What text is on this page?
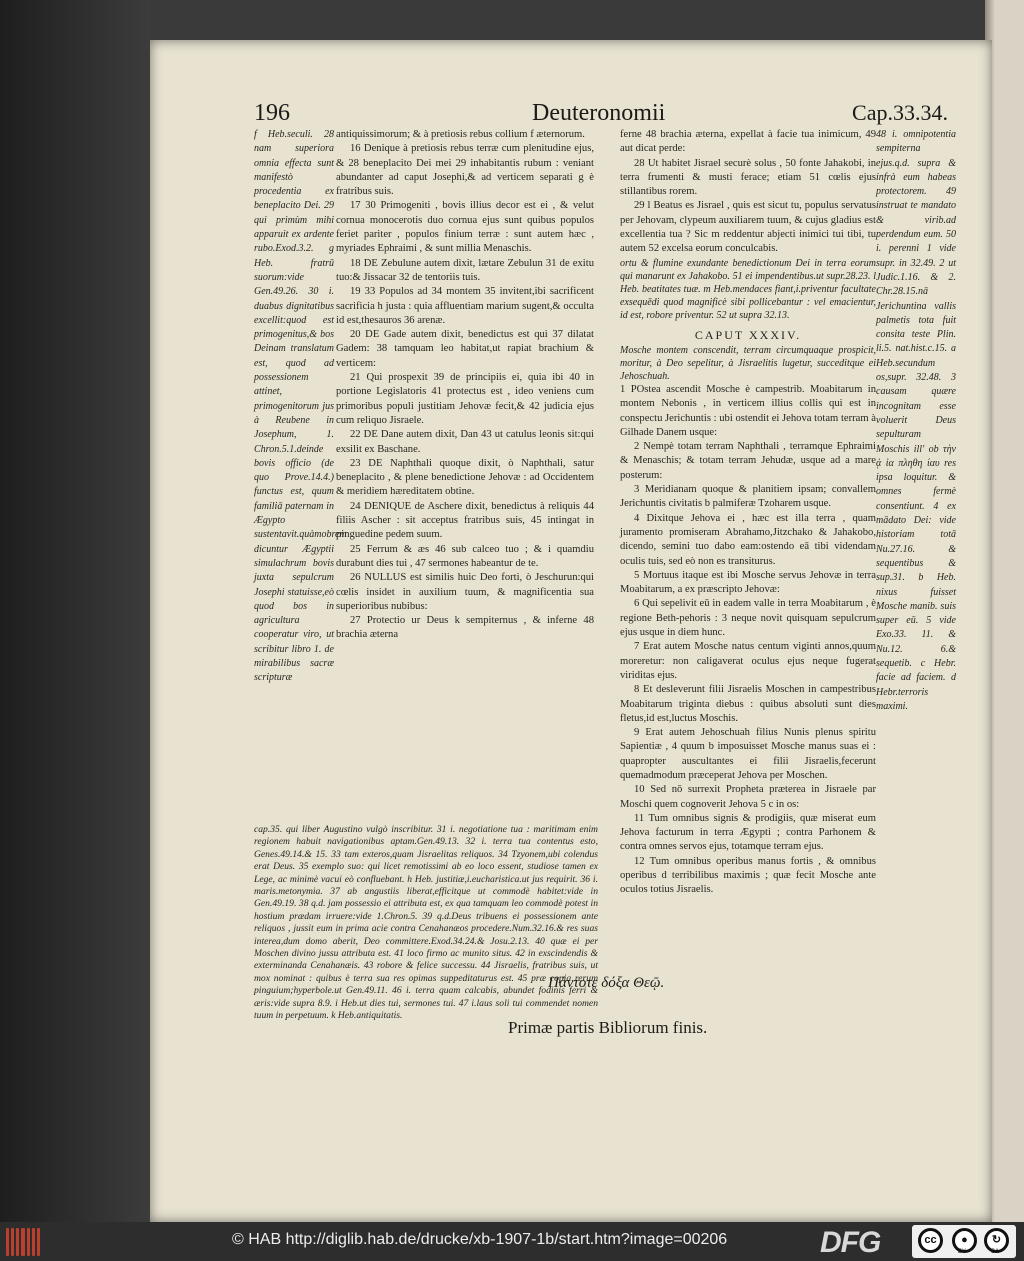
196	Deuteronomii	Cap.33.34.
f Heb.seculi. 28 nam superiora omnia effecta sunt manifestò procedentia ex beneplacito Dei. 29 qui primùm mihi apparuit ex ardente rubo.Exod.3.2. g Heb. fratrū suorum:vide Gen.49.26. 30 i. duabus dignitatibus excellit:quod est primogenitus,& bos Deinam translatum est, quod ad possessionem attinet, primogenitorum jus à Reubene in Josephum, 1. Chron.5.1.deinde bovis officio (de quo Prove.14.4.) functus est, quum familiā paternam in Ægypto sustentavit.quàmobrem dicuntur Ægyptii simulachrum bovis juxta sepulcrum Josephi statuisse,eò quod bos in agricultura cooperatur viro, ut scribitur libro 1. de mirabilibus sacræ scripturæ

antiquissimorum; & à pretiosis rebus collium f æternorum.

16 Denique à pretiosis rebus terræ cum plenitudine ejus, & 28 beneplacito Dei mei 29 inhabitantis rubum : veniant abundanter ad caput Josephi,& ad verticem separati g è fratribus suis.

17 30 Primogeniti , bovis illius decor est ei , & velut cornua monocerotis duo cornua ejus sunt quibus populos feriet pariter , populos finium terræ : sunt autem hæc , myriades Ephraimi , & sunt millia Menaschis.

18 DE Zebulune autem dixit, lætare Zebulun 31 de exitu tuo:& Jissacar 32 de tentoriis tuis.

19 33 Populos ad 34 montem 35 invitent,ibi sacrificent sacrificia h justa : quia affluentiam marium sugent,& occulta id est,thesauros 36 arenæ.

20 DE Gade autem dixit, benedictus est qui 37 dilatat Gadem: 38 tamquam leo habitat,ut rapiat brachium & verticem:

21 Qui prospexit 39 de principiis ei, quia ibi 40 in portione Legislatoris 41 protectus est , ideo veniens cum primoribus populi justitiam Jehovæ fecit,& 42 judicia ejus cum reliquo Jisraele.

22 DE Dane autem dixit, Dan 43 ut catulus leonis sit:qui exsilit ex Baschane.

23 DE Naphthali quoque dixit, ò Naphthali, satur beneplacito , & plene benedictione Jehovæ : ad Occidentem & meridiem hæreditatem obtine.

24 DENIQUE de Aschere dixit, benedictus à reliquis 44 filiis Ascher : sit acceptus fratribus suis, 45 intingat in pinguedine pedem suum.

25 Ferrum & æs 46 sub calceo tuo ; & i quamdiu durabunt dies tui , 47 sermones habeantur de te.

26 NULLUS est similis huic Deo forti, ò Jeschurun:qui cœlis insidet in auxilium tuum, & magnificentia sua superioribus nubibus:

27 Protectio ur Deus k sempiternus , & inferne 48 brachia æterna

cap.35. qui liber Augustino vulgò inscribitur. 31 i. negotiatione tua : maritimam enim regionem habuit navigationibus aptam.Gen.49.13. 32 i. terra tua contentus esto, Genes.49.14.& 15. 33 tam exteros,quam Jisraelitas reliquos. 34 Tzyonem,ubi colendus erat Deus. 35 exemplo suo: qui licet remotissimi ab eo loco essent, studiose tamen ex Lege, ac minimè vacui eò confluebant. h Heb. justitiæ,i.eucharistica.ut jus requirit. 36 i. maris.metonymia. 37 ab angustiis liberat,efficitque ut commodè habitet:vide in Gen.49.19. 38 q.d. jam possessio ei attributa est, ex qua tamquam leo commodè potest in hostium prædam irruere:vide 1.Chron.5. 39 q.d.Deus tribuens ei possessionem ante reliquos , jussit eum in prima acie contra Cenahanæos procedere.Num.32.16.& res suas interea,dum domo aberit, Deo committere.Exod.34.24.& Josu.2.13. 40 quæ ei per Moschen divino jussu attributa est. 41 loco firmo ac munito situs. 42 in exscindendis & exterminanda Cenahanæis. 43 robore & felice successu. 44 Jisraelis, fratribus suis, ut mox nominat : quibus è terra sua res opimas suppeditaturus est. 45 præ copia rerum pinguium;hyperbole.ut Gen.49.11. 46 i. terra quam calcabis, abundet fodinis ferri & æris:vide supra 8.9. i Heb.ut dies tui, sermones tui. 47 i.laus soli tui commendet nomen tuum in perpetuum. k Heb.antiquitatis.

ferne 48 brachia æterna, expellat à facie tua inimicum, 49 aut dicat perde:

28 Ut habitet Jisrael securè solus , 50 fonte Jahakobi, in terra frumenti & musti ferace; etiam 51 cœlis ejus stillantibus rorem.

29 l Beatus es Jisrael , quis est sicut tu, populus servatus per Jehovam, clypeum auxiliarem tuum, & cujus gladius est excellentia tua ? Sic m reddentur abjecti inimici tui tibi, tu autem 52 excelsa eorum conculcabis.

ortu & flumine exundante benedictionum Dei in terra eorum qui manarunt ex Jahakobo. 51 ei impendentibus.ut supr.28.23. l Heb. beatitates tuæ. m Heb.mendaces fiant,i.priventur facultate exsequēdi quod magnificè sibi pollicebantur : vel emacientur, id est, robore priventur. 52 ut supra 32.13.

CAPUT XXXIV.

Mosche montem conscendit, terram circumquaque prospicit, moritur, à Deo sepelitur, à Jisraelitis lugetur, succeditque ei Jehoschuah.

1 POstea ascendit Mosche è campestrib. Moabitarum in montem Nebonis , in verticem illius collis qui est in conspectu Jerichuntis : ubi ostendit ei Jehova totam terram à Gilhade Danem usque:

2 Nempè totam terram Naphthali , terramque Ephraimi & Menaschis; & totam terram Jehudæ, usque ad a mare posterum:

3 Meridianam quoque & planitiem ipsam; convallem Jerichuntis civitatis b palmiferæ Tzoharem usque.

4 Dixitque Jehova ei , hæc est illa terra , quam juramento promiseram Abrahamo,Jitzchako & Jahakobo, dicendo, semini tuo dabo eam:ostendo eā tibi videndam oculis tuis, sed eò non es transiturus.

5 Mortuus itaque est ibi Mosche servus Jehovæ in terra Moabitarum, a ex præscripto Jehovæ:

6 Qui sepelivit eū in eadem valle in terra Moabitarum , è regione Beth-pehoris : 3 neque novit quisquam sepulcrum ejus usque in diem hunc.

7 Erat autem Mosche natus centum viginti annos,quum moreretur: non caligaverat oculus ejus neque fugerat viriditas ejus.

8 Et desleverunt filii Jisraelis Moschen in campestribus Moabitarum triginta diebus : quibus absoluti sunt dies fletus,id est,luctus Moschis.

9 Erat autem Jehoschuah filius Nunis plenus spiritu Sapientiæ , 4 quum b imposuisset Mosche manus suas ei : quapropter auscultantes ei filii Jisraelis,fecerunt quemadmodum præceperat Jehova per Moschen.

10 Sed nō surrexit Propheta præterea in Jisraele par Moschi quem cognoverit Jehova 5 c in os:

11 Tum omnibus signis & prodigiis, quæ miserat eum Jehova facturum in terra Ægypti ; contra Parhonem & contra omnes servos ejus, totamque terram ejus.

12 Tum omnibus operibus manus fortis , & omnibus operibus d terribilibus maximis ; quæ fecit Mosche ante oculos totius Jisraelis.

48 i. omnipotentia sempiterna ejus.q.d. supra & infrà eum habeas protectorem. 49 instruat te mandato & virib.ad perdendum eum. 50 i. perenni 1 vide supr. in 32.49. 2 ut Judic.1.16. & 2. Chr.28.15.nā Jerichuntina vallis palmetis tota fuit consita teste Plin. li.5. nat.hist.c.15. a Heb.secundum os,supr. 32.48. 3 causam quære incognitam esse voluerit Deus sepulturam Moschis ill' ob τὴν ᾀ ἰα πληθη ίαυ res ipsa loquitur. & omnes fermè consentiunt. 4 ex mādato Dei: vide historiam totā Nu.27.16. & sequentibus & sup.31. b Heb. nixus fuisset Mosche manib. suis super eū. 5 vide Exo.33. 11. & Nu.12. 6.& sequetib. c Hebr. facie ad faciem. d Hebr.terroris maximi.
Πάντοτε δόξα Θεῷ.
Primæ partis Bibliorum finis.
© HAB http://diglib.hab.de/drucke/xb-1907-1b/start.htm?image=00206	DFG	cc	●	↻
BY	SA
